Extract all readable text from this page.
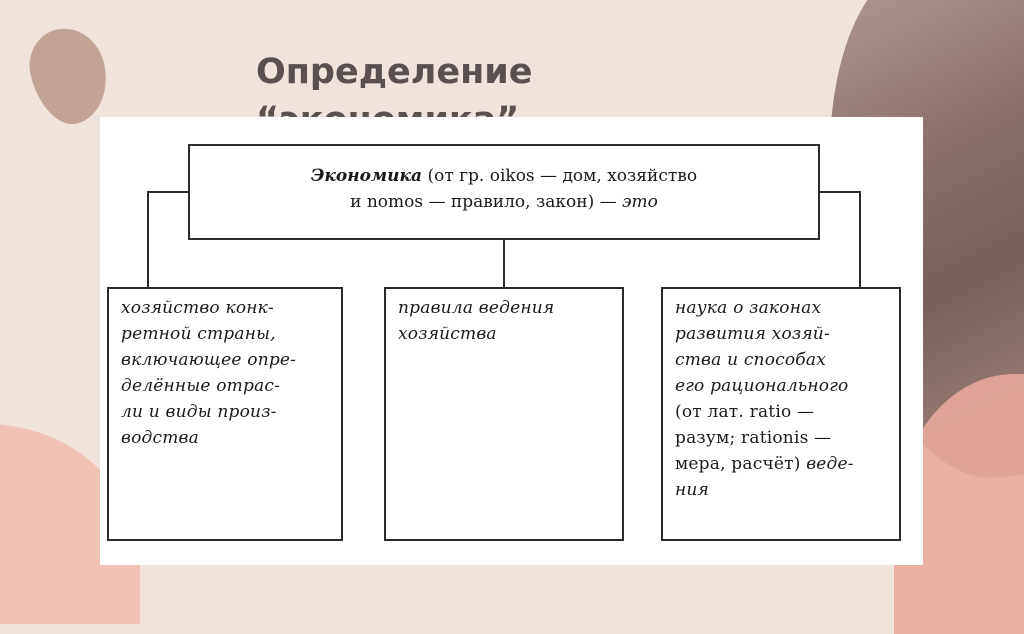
Определение
Экономика (от гр. oikos — дом, хозяйство
и nomos — правило, закон) — это
хозяйство конк-
ретной страны,
включающее опре-
делённые отрас-
ли и виды произ-
водства
правила ведения
хозяйства
наука о законах
развития хозяй-
ства и способах
его рационального
(от лат. ratio —
разум; rationis —
мера, расчёт) веде-
ния
